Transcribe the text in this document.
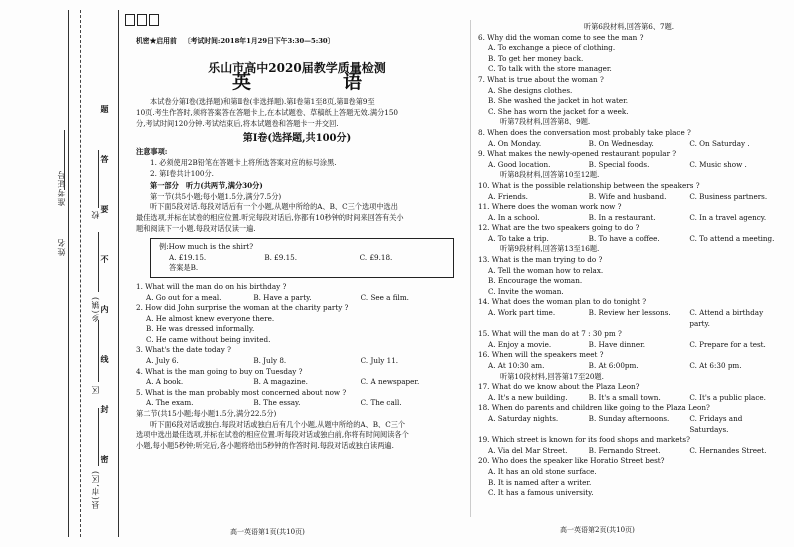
准考证号
姓名
校
乡(镇)
区
县(市,区)
密
封
线
内
不
要
答
题
机密★启用前 〔考试时间:2018年1月29日下午3:30—5:30〕
乐山市高中2020届教学质量检测
英　　语
本试卷分第Ⅰ卷(选择题)和第Ⅱ卷(非选择题).第Ⅰ卷第1至8页,第Ⅱ卷第9至
10页.考生作答时,须将答案答在答题卡上,在本试题卷、草稿纸上答题无效.满分150
分,考试时间120分钟.考试结束后,将本试题卷和答题卡一并交回.
第Ⅰ卷(选择题,共100分)
注意事项:
1. 必须使用2B铅笔在答题卡上将所选答案对应的标号涂黑.
2. 第Ⅰ卷共计100分.
第一部分　听力(共两节,满分30分)
第一节(共5小题;每小题1.5分,满分7.5分)
听下面5段对话.每段对话后有一个小题,从题中所给的A、B、C三个选项中选出
最佳选项,并标在试卷的相应位置.听完每段对话后,你都有10秒钟的时间来回答有关小
题和阅读下一小题.每段对话仅读一遍.
例:How much is the shirt?
A. £19.15.	B. £9.15.	C. £9.18.
答案是B.
1. What will the man do on his birthday ?
A. Go out for a meal.	B. Have a party.	C. See a film.
2. How did John surprise the woman at the charity party ?
A. He almost knew everyone there.
B. He was dressed informally.
C. He came without being invited.
3. What's the date today ?
A. July 6.	B. July 8.	C. July 11.
4. What is the man going to buy on Tuesday ?
A. A book.	B. A magazine.	C. A newspaper.
5. What is the man probably most concerned about now ?
A. The exam.	B. The essay.	C. The call.
第二节(共15小题;每小题1.5分,满分22.5分)
听下面6段对话或独白.每段对话或独白后有几个小题,从题中所给的A、B、C三个
选项中选出最佳选项,并标在试卷的相应位置.听每段对话或独白前,你将有时间阅读各个
小题,每小题5秒钟;听完后,各小题将给出5秒钟的作答时间.每段对话或独白读两遍.
听第6段材料,回答第6、7题.
6. Why did the woman come to see the man ?
A. To exchange a piece of clothing.
B. To get her money back.
C. To talk with the store manager.
7. What is true about the woman ?
A. She designs clothes.
B. She washed the jacket in hot water.
C. She has worn the jacket for a week.
听第7段材料,回答第8、9题.
8. When does the conversation most probably take place ?
A. On Monday.	B. On Wednesday.	C. On Saturday .
9. What makes the newly-opened restaurant popular ?
A. Good location.	B. Special foods.	C. Music show .
听第8段材料,回答第10至12题.
10. What is the possible relationship between the speakers ?
A. Friends.	B. Wife and husband.	C. Business partners.
11. Where does the woman work now ?
A. In a school.	B. In a restaurant.	C. In a travel agency.
12. What are the two speakers going to do ?
A. To take a trip.	B. To have a coffee.	C. To attend a meeting.
听第9段材料,回答第13至16题.
13. What is the man trying to do ?
A. Tell the woman how to relax.
B. Encourage the woman.
C. Invite the woman.
14. What does the woman plan to do tonight ?
A. Work part time.	B. Review her lessons.	C. Attend a birthday party.
15. What will the man do at 7 : 30 pm ?
A. Enjoy a movie.	B. Have dinner.	C. Prepare for a test.
16. When will the speakers meet ?
A. At 10:30 am.	B. At 6:00pm.	C. At 6:30 pm.
听第10段材料,回答第17至20题.
17. What do we know about the Plaza Leon?
A. It's a new building.	B. It's a small town.	C. It's a public place.
18. When do parents and children like going to the Plaza Leon?
A. Saturday nights.	B. Sunday afternoons.	C. Fridays and Saturdays.
19. Which street is known for its food shops and markets?
A. Via del Mar Street.	B. Fernando Street.	C. Hernandes Street.
20. Who does the speaker like Horatio Street best?
A. It has an old stone surface.
B. It is named after a writer.
C. It has a famous university.
高一英语第1页(共10页)	高一英语第2页(共10页)
